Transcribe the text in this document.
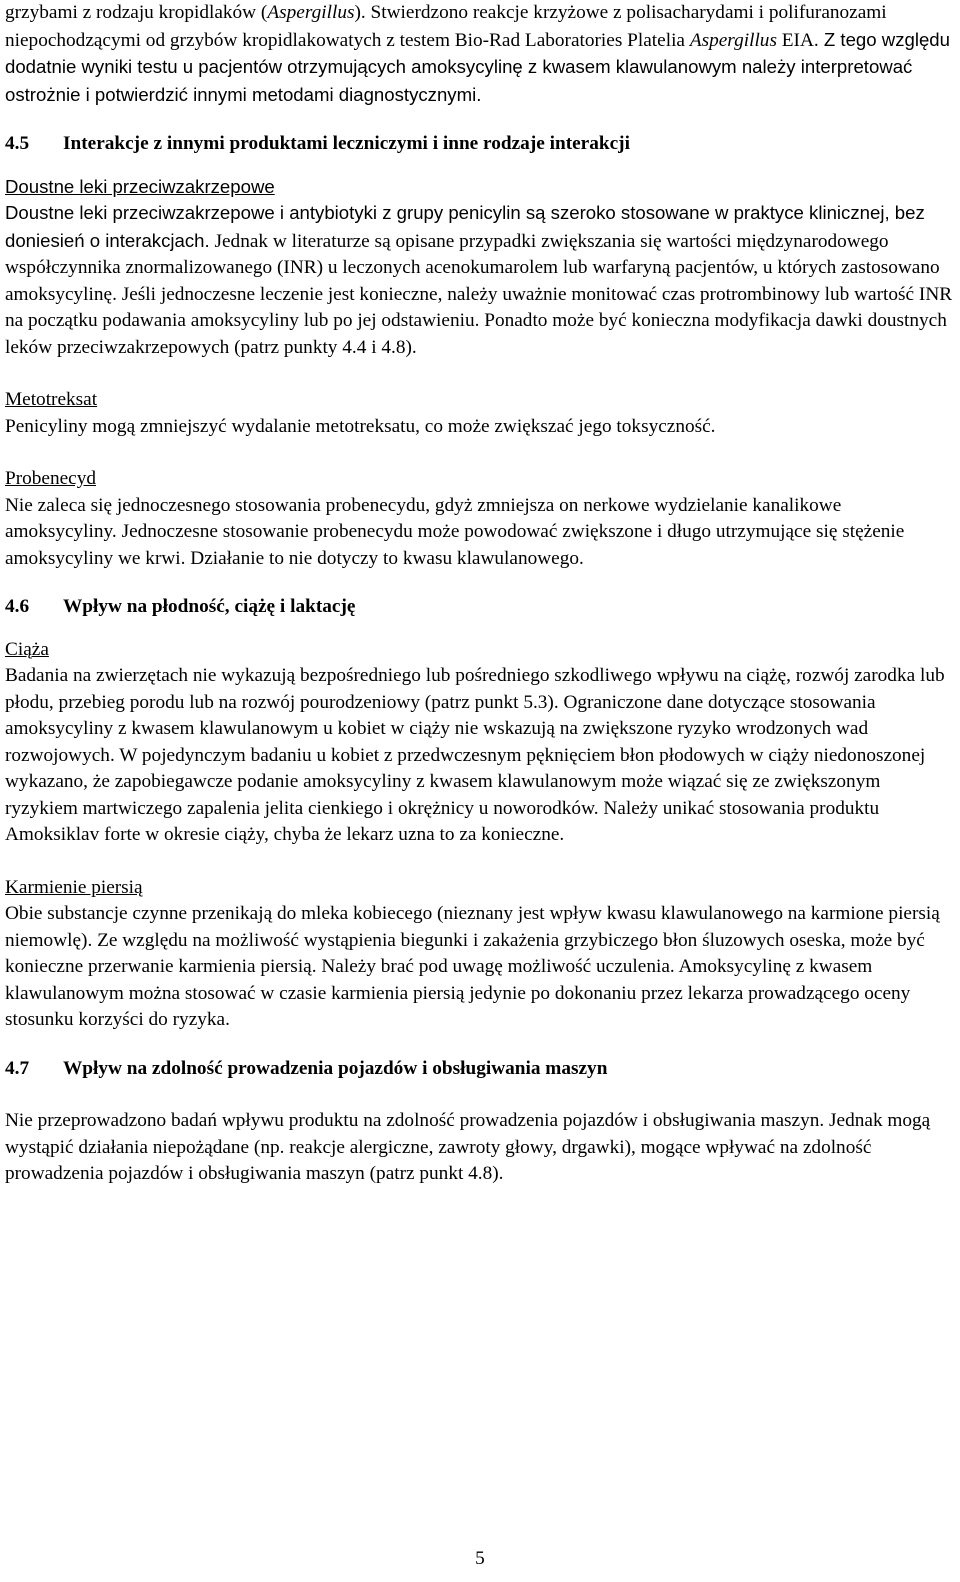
grzybami z rodzaju kropidlaków (Aspergillus). Stwierdzono reakcje krzyżowe z polisacharydami i polifuranozami niepochodzącymi od grzybów kropidlakowatych z testem Bio-Rad Laboratories Platelia Aspergillus EIA. Z tego względu dodatnie wyniki testu u pacjentów otrzymujących amoksycylinę z kwasem klawulanowym należy interpretować ostrożnie i potwierdzić innymi metodami diagnostycznymi.

4.5	Interakcje z innymi produktami leczniczymi i inne rodzaje interakcji

Doustne leki przeciwzakrzepowe

Doustne leki przeciwzakrzepowe i antybiotyki z grupy penicylin są szeroko stosowane w praktyce klinicznej, bez doniesień o interakcjach. Jednak w literaturze są opisane przypadki zwiększania się wartości międzynarodowego współczynnika znormalizowanego (INR) u leczonych acenokumarolem lub warfaryną pacjentów, u których zastosowano amoksycylinę. Jeśli jednoczesne leczenie jest konieczne, należy uważnie monitować czas protrombinowy lub wartość INR na początku podawania amoksycyliny lub po jej odstawieniu. Ponadto może być konieczna modyfikacja dawki doustnych leków przeciwzakrzepowych (patrz punkty 4.4 i 4.8).

Metotreksat

Penicyliny mogą zmniejszyć wydalanie metotreksatu, co może zwiększać jego toksyczność.

Probenecyd

Nie zaleca się jednoczesnego stosowania probenecydu, gdyż zmniejsza on nerkowe wydzielanie kanalikowe amoksycyliny. Jednoczesne stosowanie probenecydu może powodować zwiększone i długo utrzymujące się stężenie amoksycyliny we krwi. Działanie to nie dotyczy to kwasu klawulanowego.

4.6	Wpływ na płodność, ciążę i laktację

Ciąża

Badania na zwierzętach nie wykazują bezpośredniego lub pośredniego szkodliwego wpływu na ciążę, rozwój zarodka lub płodu, przebieg porodu lub na rozwój pourodzeniowy (patrz punkt 5.3). Ograniczone dane dotyczące stosowania amoksycyliny z kwasem klawulanowym u kobiet w ciąży nie wskazują na zwiększone ryzyko wrodzonych wad rozwojowych. W pojedynczym badaniu u kobiet z przedwczesnym pęknięciem błon płodowych w ciąży niedonoszonej wykazano, że zapobiegawcze podanie amoksycyliny z kwasem klawulanowym może wiązać się ze zwiększonym ryzykiem martwiczego zapalenia jelita cienkiego i okrężnicy u noworodków. Należy unikać stosowania produktu Amoksiklav forte w okresie ciąży, chyba że lekarz uzna to za konieczne.

Karmienie piersią

Obie substancje czynne przenikają do mleka kobiecego (nieznany jest wpływ kwasu klawulanowego na karmione piersią niemowlę). Ze względu na możliwość wystąpienia biegunki i zakażenia grzybiczego błon śluzowych oseska, może być konieczne przerwanie karmienia piersią. Należy brać pod uwagę możliwość uczulenia. Amoksycylinę z kwasem klawulanowym można stosować w czasie karmienia piersią jedynie po dokonaniu przez lekarza prowadzącego oceny stosunku korzyści do ryzyka.

4.7	Wpływ na zdolność prowadzenia pojazdów i obsługiwania maszyn

Nie przeprowadzono badań wpływu produktu na zdolność prowadzenia pojazdów i obsługiwania maszyn. Jednak mogą wystąpić działania niepożądane (np. reakcje alergiczne, zawroty głowy, drgawki), mogące wpływać na zdolność prowadzenia pojazdów i obsługiwania maszyn (patrz punkt 4.8).

5
